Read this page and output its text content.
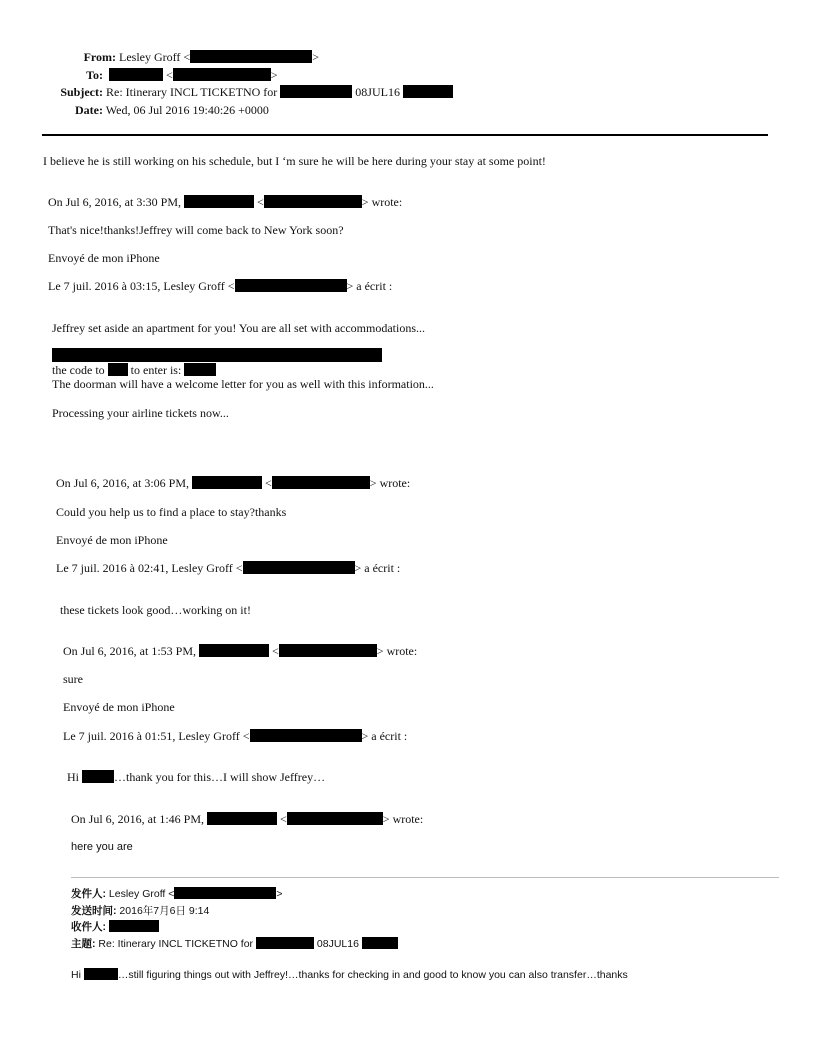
From: Lesley Groff <	>
To:	<	>
Subject: Re: Itinerary INCL TICKETNO for	08JUL16
Date: Wed, 06 Jul 2016 19:40:26 +0000
I believe he is still working on his schedule, but I ‘m sure he will be here during your stay at some point!
On Jul 6, 2016, at 3:30 PM,	<	> wrote:
That's nice!thanks!Jeffrey will come back to New York soon?
Envoyé de mon iPhone
Le 7 juil. 2016 à 03:15, Lesley Groff <	> a écrit :
Jeffrey set aside an apartment for you! You are all set with accommodations...
the code to to enter is:
The doorman will have a welcome letter for you as well with this information...
Processing your airline tickets now...
On Jul 6, 2016, at 3:06 PM,	<	> wrote:
Could you help us to find a place to stay?thanks
Envoyé de mon iPhone
Le 7 juil. 2016 à 02:41, Lesley Groff <	> a écrit :
these tickets look good…working on it!
On Jul 6, 2016, at 1:53 PM,	<	> wrote:
sure
Envoyé de mon iPhone
Le 7 juil. 2016 à 01:51, Lesley Groff <	> a écrit :
Hi	…thank you for this…I will show Jeffrey…
On Jul 6, 2016, at 1:46 PM,	<	> wrote:
here you are
发件人: Lesley Groff <	>
发送时间: 2016年7月6日 9:14
收件人:
主题: Re: Itinerary INCL TICKETNO for	08JUL16
Hi	…still figuring things out with Jeffrey!…thanks for checking in and good to know you can also transfer…thanks
